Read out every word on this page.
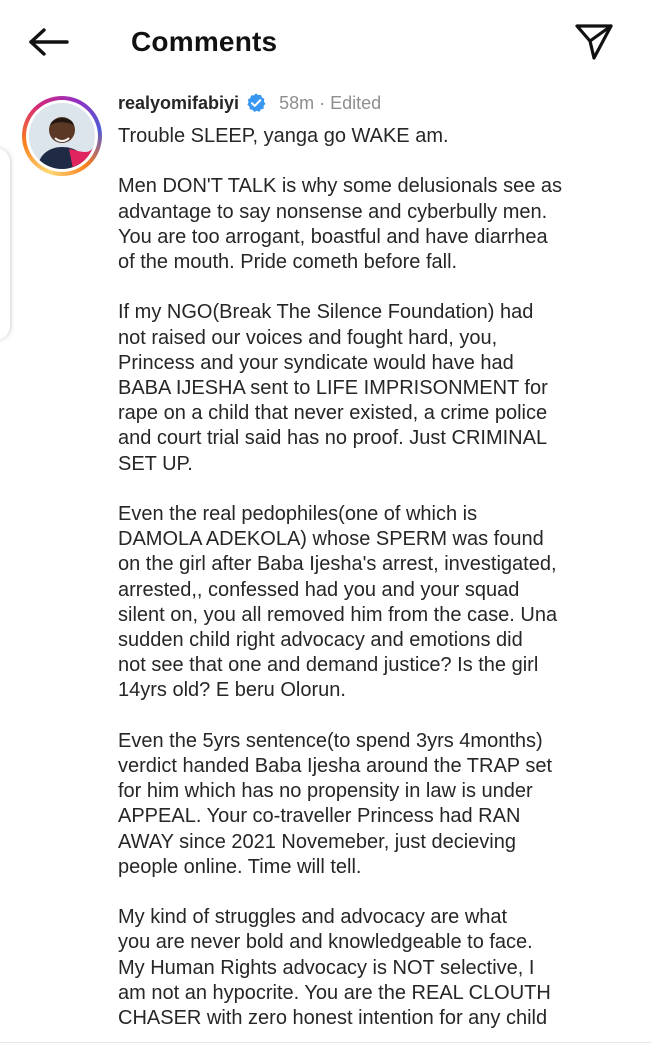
Comments
realyomifabiyi 58m · Edited

Trouble SLEEP, yanga go WAKE am.

Men DON'T TALK is why some delusionals see as
advantage to say nonsense and cyberbully men.
You are too arrogant, boastful and have diarrhea
of the mouth. Pride cometh before fall.

If my NGO(Break The Silence Foundation) had
not raised our voices and fought hard, you,
Princess and your syndicate would have had
BABA IJESHA sent to LIFE IMPRISONMENT for
rape on a child that never existed, a crime police
and court trial said has no proof. Just CRIMINAL
SET UP.

Even the real pedophiles(one of which is
DAMOLA ADEKOLA) whose SPERM was found
on the girl after Baba Ijesha's arrest, investigated,
arrested,, confessed had you and your squad
silent on, you all removed him from the case. Una
sudden child right advocacy and emotions did
not see that one and demand justice? Is the girl
14yrs old? E beru Olorun.

Even the 5yrs sentence(to spend 3yrs 4months)
verdict handed Baba Ijesha around the TRAP set
for him which has no propensity in law is under
APPEAL. Your co-traveller Princess had RAN
AWAY since 2021 Novemeber, just decieving
people online. Time will tell.

My kind of struggles and advocacy are what
you are never bold and knowledgeable to face.
My Human Rights advocacy is NOT selective, I
am not an hypocrite. You are the REAL CLOUTH
CHASER with zero honest intention for any child
